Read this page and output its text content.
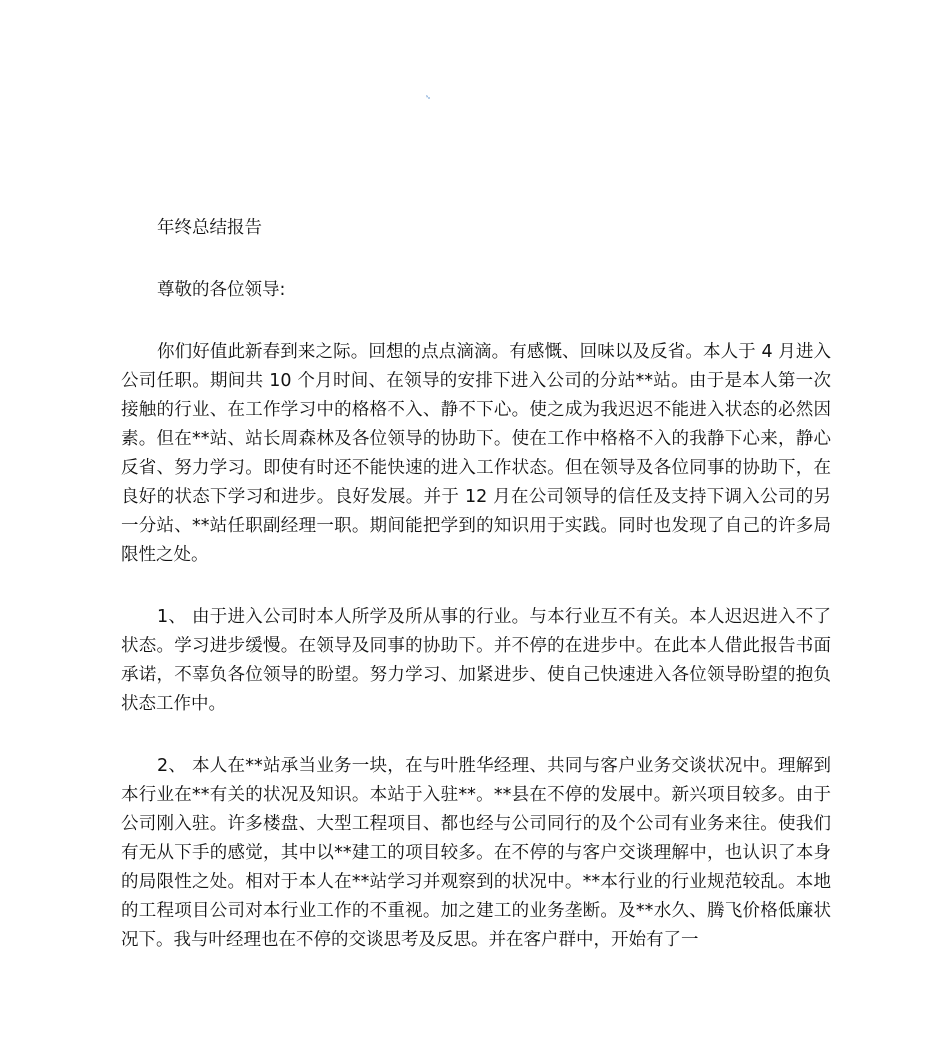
年终总结报告

尊敬的各位领导:

你们好值此新春到来之际。回想的点点滴滴。有感慨、回味以及反省。本人于 4 月进入公司任职。期间共 10 个月时间、在领导的安排下进入公司的分站**站。由于是本人第一次接触的行业、在工作学习中的格格不入、静不下心。使之成为我迟迟不能进入状态的必然因素。但在**站、站长周森林及各位领导的协助下。使在工作中格格不入的我静下心来，静心反省、努力学习。即使有时还不能快速的进入工作状态。但在领导及各位同事的协助下，在良好的状态下学习和进步。良好发展。并于 12 月在公司领导的信任及支持下调入公司的另一分站、**站任职副经理一职。期间能把学到的知识用于实践。同时也发现了自己的许多局限性之处。

1、 由于进入公司时本人所学及所从事的行业。与本行业互不有关。本人迟迟进入不了状态。学习进步缓慢。在领导及同事的协助下。并不停的在进步中。在此本人借此报告书面承诺，不辜负各位领导的盼望。努力学习、加紧进步、使自己快速进入各位领导盼望的抱负状态工作中。

2、 本人在**站承当业务一块，在与叶胜华经理、共同与客户业务交谈状况中。理解到本行业在**有关的状况及知识。本站于入驻**。**县在不停的发展中。新兴项目较多。由于公司刚入驻。许多楼盘、大型工程项目、都也经与公司同行的及个公司有业务来往。使我们有无从下手的感觉，其中以**建工的项目较多。在不停的与客户交谈理解中，也认识了本身的局限性之处。相对于本人在**站学习并观察到的状况中。**本行业的行业规范较乱。本地的工程项目公司对本行业工作的不重视。加之建工的业务垄断。及**水久、腾飞价格低廉状况下。我与叶经理也在不停的交谈思考及反思。并在客户群中，开始有了一
